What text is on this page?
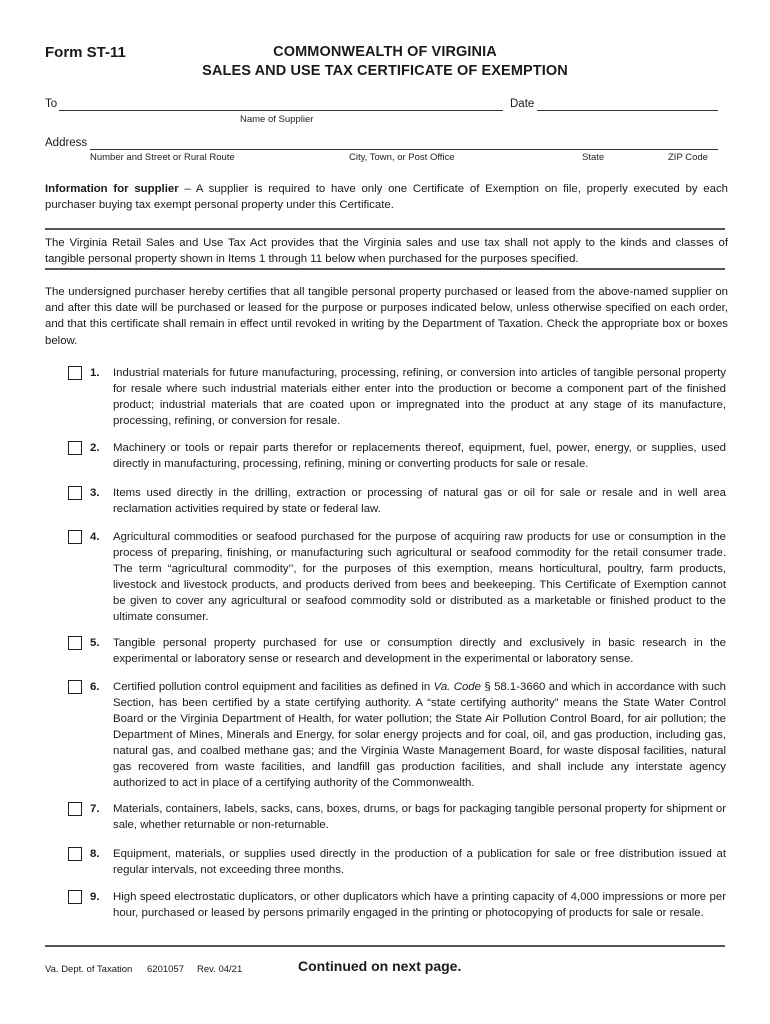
Form ST-11	COMMONWEALTH OF VIRGINIA
SALES AND USE TAX CERTIFICATE OF EXEMPTION
To
Name of Supplier
Date
Address
Number and Street or Rural Route	City, Town, or Post Office	State	ZIP Code
Information for supplier – A supplier is required to have only one Certificate of Exemption on file, properly executed by each purchaser buying tax exempt personal property under this Certificate.
The Virginia Retail Sales and Use Tax Act provides that the Virginia sales and use tax shall not apply to the kinds and classes of tangible personal property shown in Items 1 through 11 below when purchased for the purposes specified.
The undersigned purchaser hereby certifies that all tangible personal property purchased or leased from the above-named supplier on and after this date will be purchased or leased for the purpose or purposes indicated below, unless otherwise specified on each order, and that this certificate shall remain in effect until revoked in writing by the Department of Taxation. Check the appropriate box or boxes below.
1. Industrial materials for future manufacturing, processing, refining, or conversion into articles of tangible personal property for resale where such industrial materials either enter into the production or become a component part of the finished product; industrial materials that are coated upon or impregnated into the product at any stage of its manufacture, processing, refining, or conversion for resale.
2. Machinery or tools or repair parts therefor or replacements thereof, equipment, fuel, power, energy, or supplies, used directly in manufacturing, processing, refining, mining or converting products for sale or resale.
3. Items used directly in the drilling, extraction or processing of natural gas or oil for sale or resale and in well area reclamation activities required by state or federal law.
4. Agricultural commodities or seafood purchased for the purpose of acquiring raw products for use or consumption in the process of preparing, finishing, or manufacturing such agricultural or seafood commodity for the retail consumer trade. The term “agricultural commodity’’, for the purposes of this exemption, means horticultural, poultry, farm products, livestock and livestock products, and products derived from bees and beekeeping. This Certificate of Exemption cannot be given to cover any agricultural or seafood commodity sold or distributed as a marketable or finished product to the ultimate consumer.
5. Tangible personal property purchased for use or consumption directly and exclusively in basic research in the experimental or laboratory sense or research and development in the experimental or laboratory sense.
6. Certified pollution control equipment and facilities as defined in Va. Code § 58.1-3660 and which in accordance with such Section, has been certified by a state certifying authority. A “state certifying authority” means the State Water Control Board or the Virginia Department of Health, for water pollution; the State Air Pollution Control Board, for air pollution; the Department of Mines, Minerals and Energy, for solar energy projects and for coal, oil, and gas production, including gas, natural gas, and coalbed methane gas; and the Virginia Waste Management Board, for waste disposal facilities, natural gas recovered from waste facilities, and landfill gas production facilities, and shall include any interstate agency authorized to act in place of a certifying authority of the Commonwealth.
7. Materials, containers, labels, sacks, cans, boxes, drums, or bags for packaging tangible personal property for shipment or sale, whether returnable or non-returnable.
8. Equipment, materials, or supplies used directly in the production of a publication for sale or free distribution issued at regular intervals, not exceeding three months.
9. High speed electrostatic duplicators, or other duplicators which have a printing capacity of 4,000 impressions or more per hour, purchased or leased by persons primarily engaged in the printing or photocopying of products for sale or resale.
Va. Dept. of Taxation 6201057 Rev. 04/21	Continued on next page.
